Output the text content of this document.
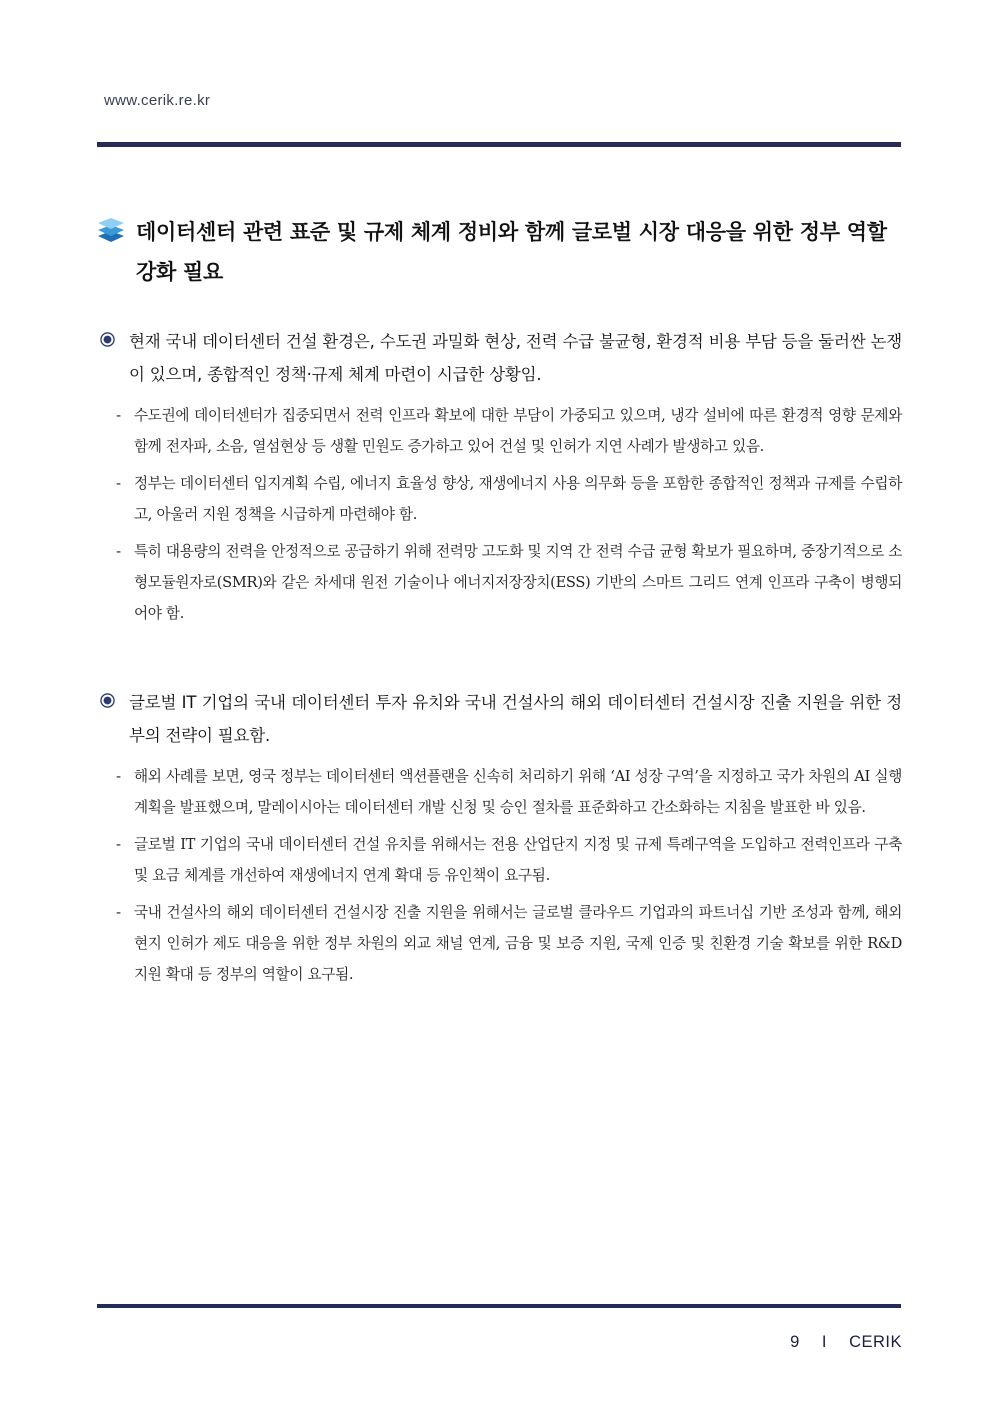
www.cerik.re.kr
데이터센터 관련 표준 및 규제 체계 정비와 함께 글로벌 시장 대응을 위한 정부 역할 강화 필요
현재 국내 데이터센터 건설 환경은, 수도권 과밀화 현상, 전력 수급 불균형, 환경적 비용 부담 등을 둘러싼 논쟁이 있으며, 종합적인 정책·규제 체계 마련이 시급한 상황임.
- 수도권에 데이터센터가 집중되면서 전력 인프라 확보에 대한 부담이 가중되고 있으며, 냉각 설비에 따른 환경적 영향 문제와 함께 전자파, 소음, 열섬현상 등 생활 민원도 증가하고 있어 건설 및 인허가 지연 사례가 발생하고 있음.
- 정부는 데이터센터 입지계획 수립, 에너지 효율성 향상, 재생에너지 사용 의무화 등을 포함한 종합적인 정책과 규제를 수립하고, 아울러 지원 정책을 시급하게 마련해야 함.
- 특히 대용량의 전력을 안정적으로 공급하기 위해 전력망 고도화 및 지역 간 전력 수급 균형 확보가 필요하며, 중장기적으로 소형모듈원자로(SMR)와 같은 차세대 원전 기술이나 에너지저장장치(ESS) 기반의 스마트 그리드 연계 인프라 구축이 병행되어야 함.
글로벌 IT 기업의 국내 데이터센터 투자 유치와 국내 건설사의 해외 데이터센터 건설시장 진출 지원을 위한 정부의 전략이 필요함.
- 해외 사례를 보면, 영국 정부는 데이터센터 액션플랜을 신속히 처리하기 위해 ‘AI 성장 구역’을 지정하고 국가 차원의 AI 실행 계획을 발표했으며, 말레이시아는 데이터센터 개발 신청 및 승인 절차를 표준화하고 간소화하는 지침을 발표한 바 있음.
- 글로벌 IT 기업의 국내 데이터센터 건설 유치를 위해서는 전용 산업단지 지정 및 규제 특례구역을 도입하고 전력인프라 구축 및 요금 체계를 개선하여 재생에너지 연계 확대 등 유인책이 요구됨.
- 국내 건설사의 해외 데이터센터 건설시장 진출 지원을 위해서는 글로벌 클라우드 기업과의 파트너십 기반 조성과 함께, 해외 현지 인허가 제도 대응을 위한 정부 차원의 외교 채널 연계, 금융 및 보증 지원, 국제 인증 및 친환경 기술 확보를 위한 R&D 지원 확대 등 정부의 역할이 요구됨.
9 I CERIK
